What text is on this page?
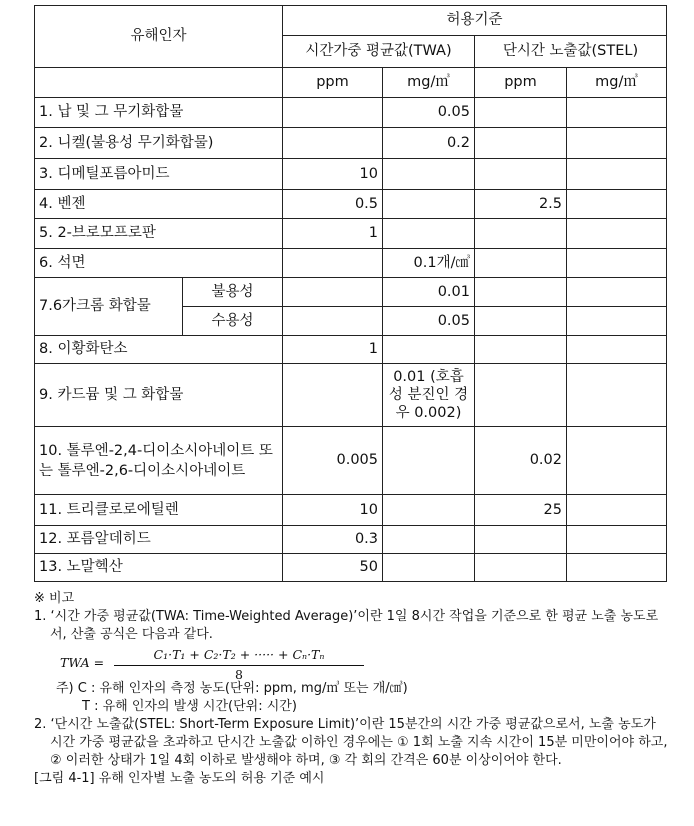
유해인자		허용기준			
		시간가중 평균값(TWA)		단시간 노출값(STEL)	
		ppm	mg/㎥	ppm	mg/㎥
1. 납 및 그 무기화합물			0.05		
2. 니켈(불용성 무기화합물)			0.2		
3. 디메틸포름아미드		10			
4. 벤젠		0.5		2.5	
5. 2-브로모프로판		1			
6. 석면			0.1개/㎤		
7.6가크롬 화합물	불용성		0.01		
	수용성		0.05		
8. 이황화탄소		1			
9. 카드뮴 및 그 화합물			0.01 (호흡성 분진인 경우 0.002)		
10. 톨루엔-2,4-디이소시아네이트 또는 톨루엔-2,6-디이소시아네이트		0.005		0.02	
11. 트리클로로에틸렌		10		25	
12. 포름알데히드		0.3			
13. 노말헥산		50			

※ 비고

1. ‘시간 가중 평균값(TWA: Time-Weighted Average)’이란 1일 8시간 작업을 기준으로 한 평균 노출 농도로서, 산출 공식은 다음과 같다.

TWA = $\frac{\text{C₁·T₁ + C₂·T₂ + ····· + Cₙ·Tₙ}}{8}$

주) C : 유해 인자의 측정 농도(단위: ppm, mg/㎥ 또는 개/㎤)

T : 유해 인자의 발생 시간(단위: 시간)

2. ‘단시간 노출값(STEL: Short-Term Exposure Limit)’이란 15분간의 시간 가중 평균값으로서, 노출 농도가 시간 가중 평균값을 초과하고 단시간 노출값 이하인 경우에는 ① 1회 노출 지속 시간이 15분 미만이어야 하고, ② 이러한 상태가 1일 4회 이하로 발생해야 하며, ③ 각 회의 간격은 60분 이상이어야 한다.

[그림 4-1] 유해 인자별 노출 농도의 허용 기준 예시
